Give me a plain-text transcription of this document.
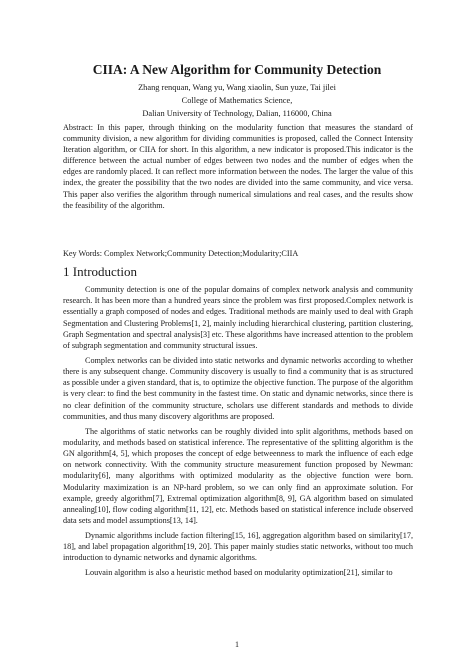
CIIA: A New Algorithm for Community Detection
Zhang renquan, Wang yu, Wang xiaolin, Sun yuze, Tai jilei
College of Mathematics Science,
Dalian University of Technology, Dalian, 116000, China
Abstract: In this paper, through thinking on the modularity function that measures the standard of community division, a new algorithm for dividing communities is proposed, called the Connect Intensity Iteration algorithm, or CIIA for short. In this algorithm, a new indicator is proposed.This indicator is the difference between the actual number of edges between two nodes and the number of edges when the edges are randomly placed. It can reflect more information between the nodes. The larger the value of this index, the greater the possibility that the two nodes are divided into the same community, and vice versa. This paper also verifies the algorithm through numerical simulations and real cases, and the results show the feasibility of the algorithm.
Key Words: Complex Network;Community Detection;Modularity;CIIA
1 Introduction

Community detection is one of the popular domains of complex network analysis and community research. It has been more than a hundred years since the problem was first proposed.Complex network is essentially a graph composed of nodes and edges. Traditional methods are mainly used to deal with Graph Segmentation and Clustering Problems[1, 2], mainly including hierarchical clustering, partition clustering, Graph Segmentation and spectral analysis[3] etc. These algorithms have increased attention to the problem of subgraph segmentation and community structural issues.

Complex networks can be divided into static networks and dynamic networks according to whether there is any subsequent change. Community discovery is usually to find a community that is as structured as possible under a given standard, that is, to optimize the objective function. The purpose of the algorithm is very clear: to find the best community in the fastest time. On static and dynamic networks, since there is no clear definition of the community structure, scholars use different standards and methods to divide communities, and thus many discovery algorithms are proposed.

The algorithms of static networks can be roughly divided into split algorithms, methods based on modularity, and methods based on statistical inference. The representative of the splitting algorithm is the GN algorithm[4, 5], which proposes the concept of edge betweenness to mark the influence of each edge on network connectivity. With the community structure measurement function proposed by Newman: modularity[6], many algorithms with optimized modularity as the objective function were born. Modularity maximization is an NP-hard problem, so we can only find an approximate solution. For example, greedy algorithm[7], Extremal optimization algorithm[8, 9], GA algorithm based on simulated annealing[10], flow coding algorithm[11, 12], etc. Methods based on statistical inference include observed data sets and model assumptions[13, 14].

Dynamic algorithms include faction filtering[15, 16], aggregation algorithm based on similarity[17, 18], and label propagation algorithm[19, 20]. This paper mainly studies static networks, without too much introduction to dynamic networks and dynamic algorithms.

Louvain algorithm is also a heuristic method based on modularity optimization[21], similar to

1
